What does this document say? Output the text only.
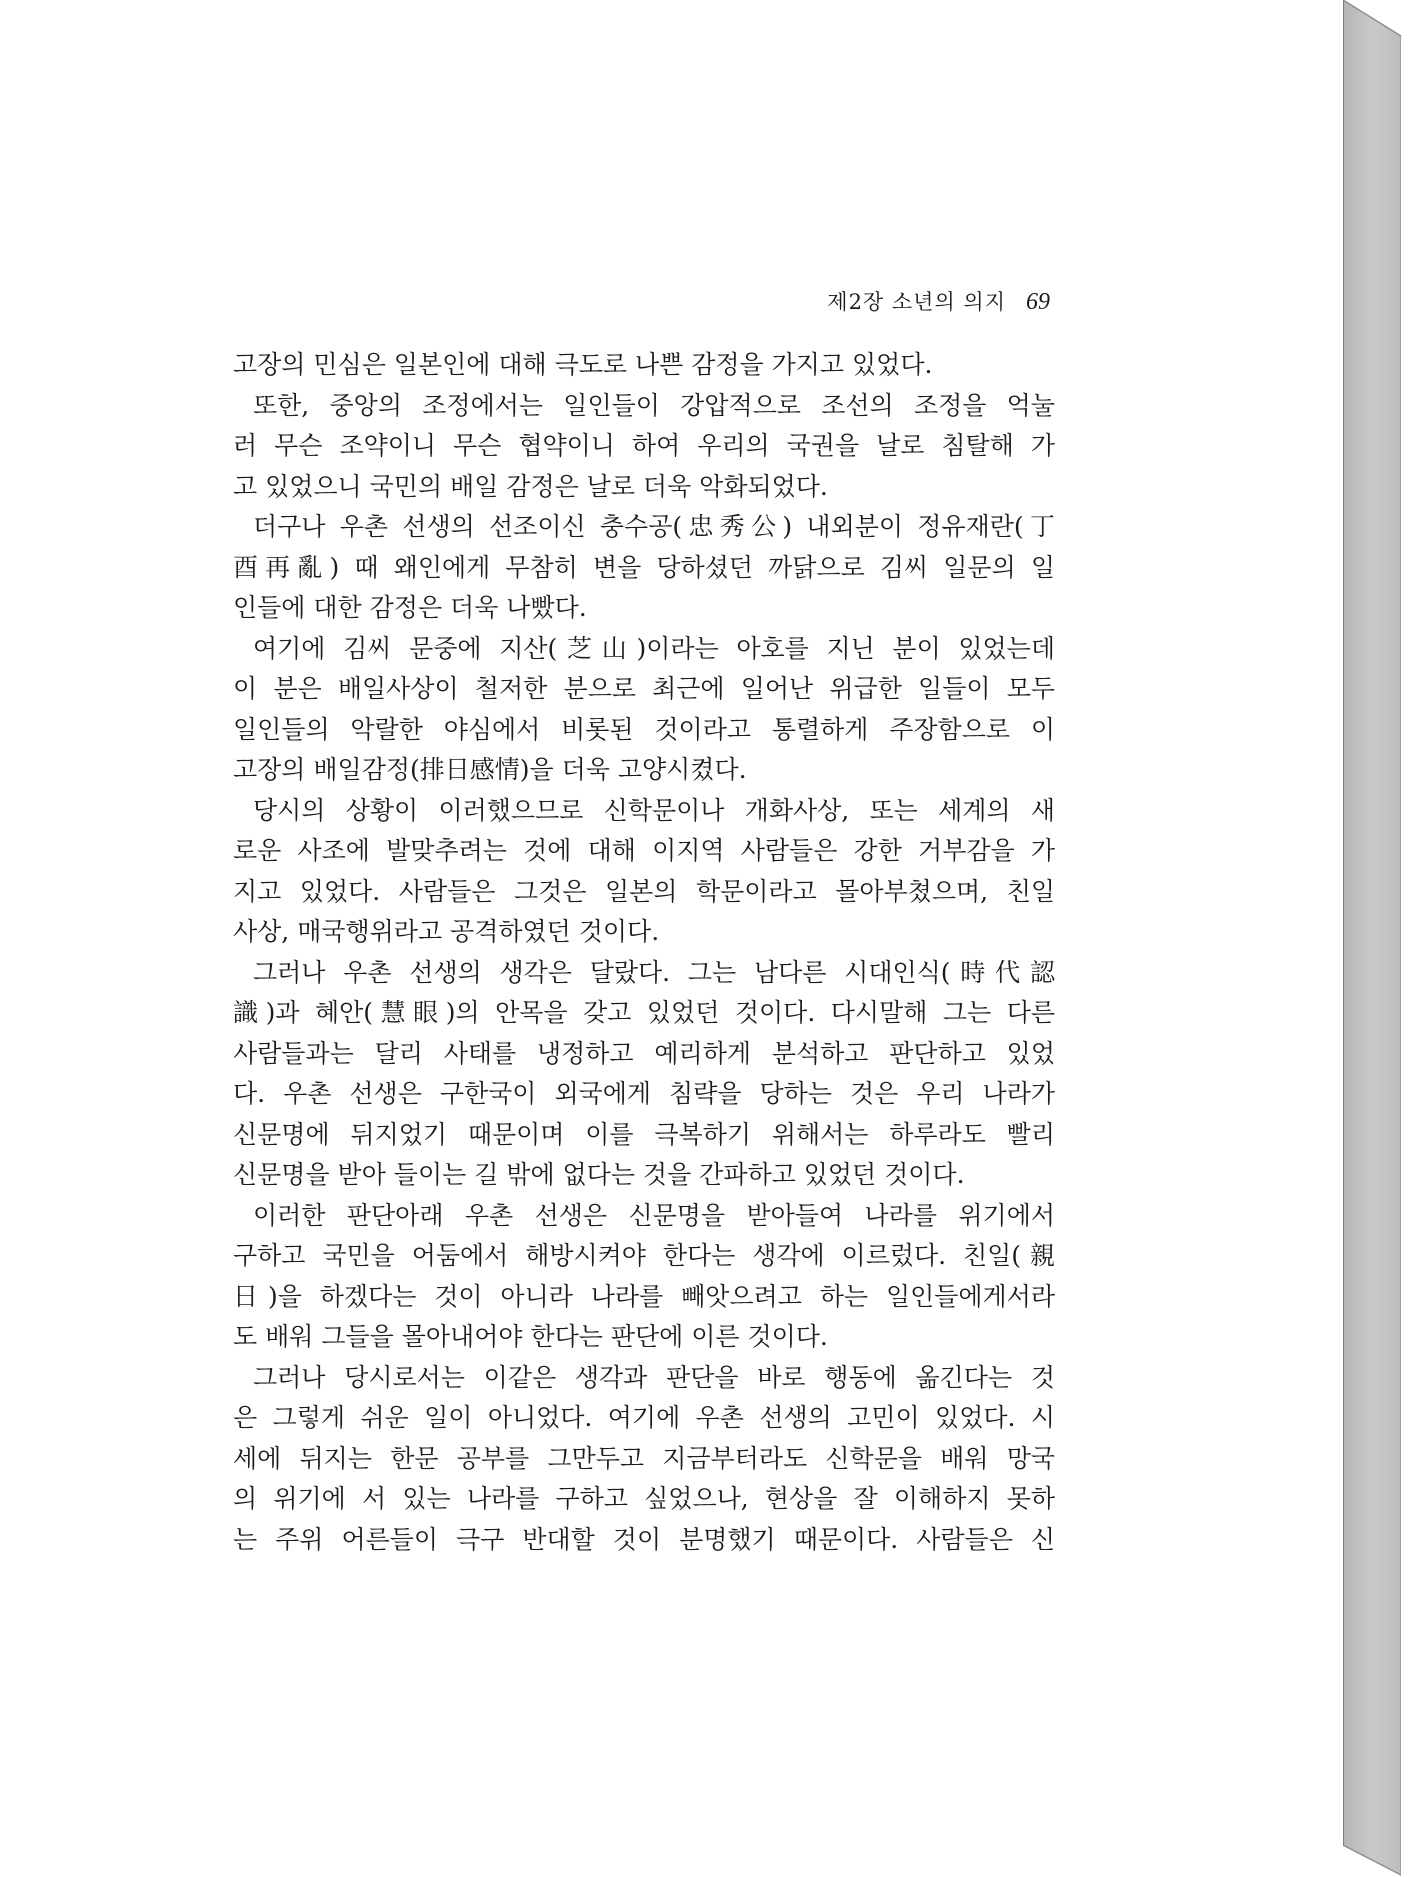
제2장 소년의 의지 69
고장의 민심은 일본인에 대해 극도로 나쁜 감정을 가지고 있었다.
또한, 중앙의 조정에서는 일인들이 강압적으로 조선의 조정을 억눌
러 무슨 조약이니 무슨 협약이니 하여 우리의 국권을 날로 침탈해 가
고 있었으니 국민의 배일 감정은 날로 더욱 악화되었다.
더구나 우촌 선생의 선조이신 충수공(忠秀公) 내외분이 정유재란(丁
酉再亂) 때 왜인에게 무참히 변을 당하셨던 까닭으로 김씨 일문의 일
인들에 대한 감정은 더욱 나빴다.
여기에 김씨 문중에 지산(芝山)이라는 아호를 지닌 분이 있었는데
이 분은 배일사상이 철저한 분으로 최근에 일어난 위급한 일들이 모두
일인들의 악랄한 야심에서 비롯된 것이라고 통렬하게 주장함으로 이
고장의 배일감정(排日感情)을 더욱 고양시켰다.
당시의 상황이 이러했으므로 신학문이나 개화사상, 또는 세계의 새
로운 사조에 발맞추려는 것에 대해 이지역 사람들은 강한 거부감을 가
지고 있었다. 사람들은 그것은 일본의 학문이라고 몰아부쳤으며, 친일
사상, 매국행위라고 공격하였던 것이다.
그러나 우촌 선생의 생각은 달랐다. 그는 남다른 시대인식(時代認
識)과 혜안(慧眼)의 안목을 갖고 있었던 것이다. 다시말해 그는 다른
사람들과는 달리 사태를 냉정하고 예리하게 분석하고 판단하고 있었
다. 우촌 선생은 구한국이 외국에게 침략을 당하는 것은 우리 나라가
신문명에 뒤지었기 때문이며 이를 극복하기 위해서는 하루라도 빨리
신문명을 받아 들이는 길 밖에 없다는 것을 간파하고 있었던 것이다.
이러한 판단아래 우촌 선생은 신문명을 받아들여 나라를 위기에서
구하고 국민을 어둠에서 해방시켜야 한다는 생각에 이르렀다. 친일(親
日)을 하겠다는 것이 아니라 나라를 빼앗으려고 하는 일인들에게서라
도 배워 그들을 몰아내어야 한다는 판단에 이른 것이다.
그러나 당시로서는 이같은 생각과 판단을 바로 행동에 옮긴다는 것
은 그렇게 쉬운 일이 아니었다. 여기에 우촌 선생의 고민이 있었다. 시
세에 뒤지는 한문 공부를 그만두고 지금부터라도 신학문을 배워 망국
의 위기에 서 있는 나라를 구하고 싶었으나, 현상을 잘 이해하지 못하
는 주위 어른들이 극구 반대할 것이 분명했기 때문이다. 사람들은 신
